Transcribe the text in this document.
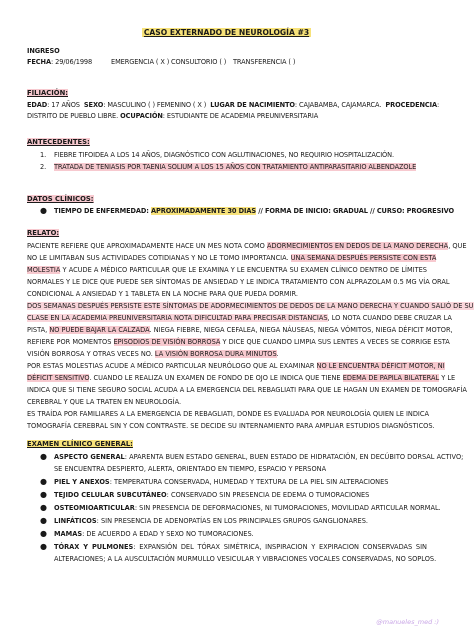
CASO EXTERNADO DE NEUROLOGÍA #3
INGRESO
FECHA: 29/06/1998	EMERGENCIA ( X ) CONSULTORIO ( ) TRANSFERENCIA ( )
FILIACIÓN:
EDAD: 17 AÑOS SEXO: MASCULINO ( ) FEMENINO ( X ) LUGAR DE NACIMIENTO: CAJABAMBA, CAJAMARCA. PROCEDENCIA:
DISTRITO DE PUEBLO LIBRE. OCUPACIÓN: ESTUDIANTE DE ACADEMIA PREUNIVERSITARIA
ANTECEDENTES:
1. FIEBRE TIFOIDEA A LOS 14 AÑOS, DIAGNÓSTICO CON AGLUTINACIONES, NO REQUIRIO HOSPITALIZACIÓN.
2. TRATADA DE TENIASIS POR TAENIA SOLIUM A LOS 15 AÑOS CON TRATAMIENTO ANTIPARASITARIO ALBENDAZOLE
DATOS CLÍNICOS:
● TIEMPO DE ENFERMEDAD: APROXIMADAMENTE 30 DIAS // FORMA DE INICIO: GRADUAL // CURSO: PROGRESIVO
RELATO:
PACIENTE REFIERE QUE APROXIMADAMENTE HACE UN MES NOTA COMO ADORMECIMIENTOS EN DEDOS DE LA MANO DERECHA, QUE
NO LE LIMITABAN SUS ACTIVIDADES COTIDIANAS Y NO LE TOMO IMPORTANCIA. UNA SEMANA DESPUÉS PERSISTE CON ESTA
MOLESTIA Y ACUDE A MÉDICO PARTICULAR QUE LE EXAMINA Y LE ENCUENTRA SU EXAMEN CLÍNICO DENTRO DE LÍMITES
NORMALES Y LE DICE QUE PUEDE SER SÍNTOMAS DE ANSIEDAD Y LE INDICA TRATAMIENTO CON ALPRAZOLAM 0.5 MG VÍA ORAL
CONDICIONAL A ANSIEDAD Y 1 TABLETA EN LA NOCHE PARA QUE PUEDA DORMIR.
DOS SEMANAS DESPUÉS PERSISTE ESTE SÍNTOMAS DE ADORMECIMIENTOS DE DEDOS DE LA MANO DERECHA Y CUANDO SALIÓ DE SU
CLASE EN LA ACADEMIA PREUNIVERSITARIA NOTA DIFICULTAD PARA PRECISAR DISTANCIAS, LO NOTA CUANDO DEBE CRUZAR LA
PISTA, NO PUEDE BAJAR LA CALZADA. NIEGA FIEBRE, NIEGA CEFALEA, NIEGA NÁUSEAS, NIEGA VÓMITOS, NIEGA DÉFICIT MOTOR,
REFIERE POR MOMENTOS EPISODIOS DE VISIÓN BORROSA Y DICE QUE CUANDO LIMPIA SUS LENTES A VECES SE CORRIGE ESTA
VISIÓN BORROSA Y OTRAS VECES NO. LA VISIÓN BORROSA DURA MINUTOS.
POR ESTAS MOLESTIAS ACUDE A MÉDICO PARTICULAR NEURÓLOGO QUE AL EXAMINAR NO LE ENCUENTRA DÉFICIT MOTOR, NI
DÉFICIT SENSITIVO. CUANDO LE REALIZA UN EXAMEN DE FONDO DE OJO LE INDICA QUE TIENE EDEMA DE PAPILA BILATERAL Y LE
INDICA QUE SI TIENE SEGURO SOCIAL ACUDA A LA EMERGENCIA DEL REBAGLIATI PARA QUE LE HAGAN UN EXAMEN DE TOMOGRAFÍA
CEREBRAL Y QUE LA TRATEN EN NEUROLOGÍA.
ES TRAÍDA POR FAMILIARES A LA EMERGENCIA DE REBAGLIATI, DONDE ES EVALUADA POR NEUROLOGÍA QUIEN LE INDICA
TOMOGRAFÍA CEREBRAL SIN Y CON CONTRASTE. SE DECIDE SU INTERNAMIENTO PARA AMPLIAR ESTUDIOS DIAGNÓSTICOS.
EXAMEN CLÍNICO GENERAL:
● ASPECTO GENERAL: APARENTA BUEN ESTADO GENERAL, BUEN ESTADO DE HIDRATACIÓN, EN DECÚBITO DORSAL ACTIVO;
SE ENCUENTRA DESPIERTO, ALERTA, ORIENTADO EN TIEMPO, ESPACIO Y PERSONA
● PIEL Y ANEXOS: TEMPERATURA CONSERVADA, HUMEDAD Y TEXTURA DE LA PIEL SIN ALTERACIONES
● TEJIDO CELULAR SUBCUTÁNEO: CONSERVADO SIN PRESENCIA DE EDEMA O TUMORACIONES
● OSTEOMIOARTICULAR: SIN PRESENCIA DE DEFORMACIONES, NI TUMORACIONES, MOVILIDAD ARTICULAR NORMAL.
● LINFÁTICOS: SIN PRESENCIA DE ADENOPATÍAS EN LOS PRINCIPALES GRUPOS GANGLIONARES.
● MAMAS: DE ACUERDO A EDAD Y SEXO NO TUMORACIONES.
● TÓRAX Y PULMONES: EXPANSIÓN DEL TÓRAX SIMÉTRICA, INSPIRACION Y EXPIRACION CONSERVADAS SIN
ALTERACIONES; A LA AUSCULTACIÓN MURMULLO VESICULAR Y VIBRACIONES VOCALES CONSERVADAS, NO SOPLOS.
@manueles_med :)
